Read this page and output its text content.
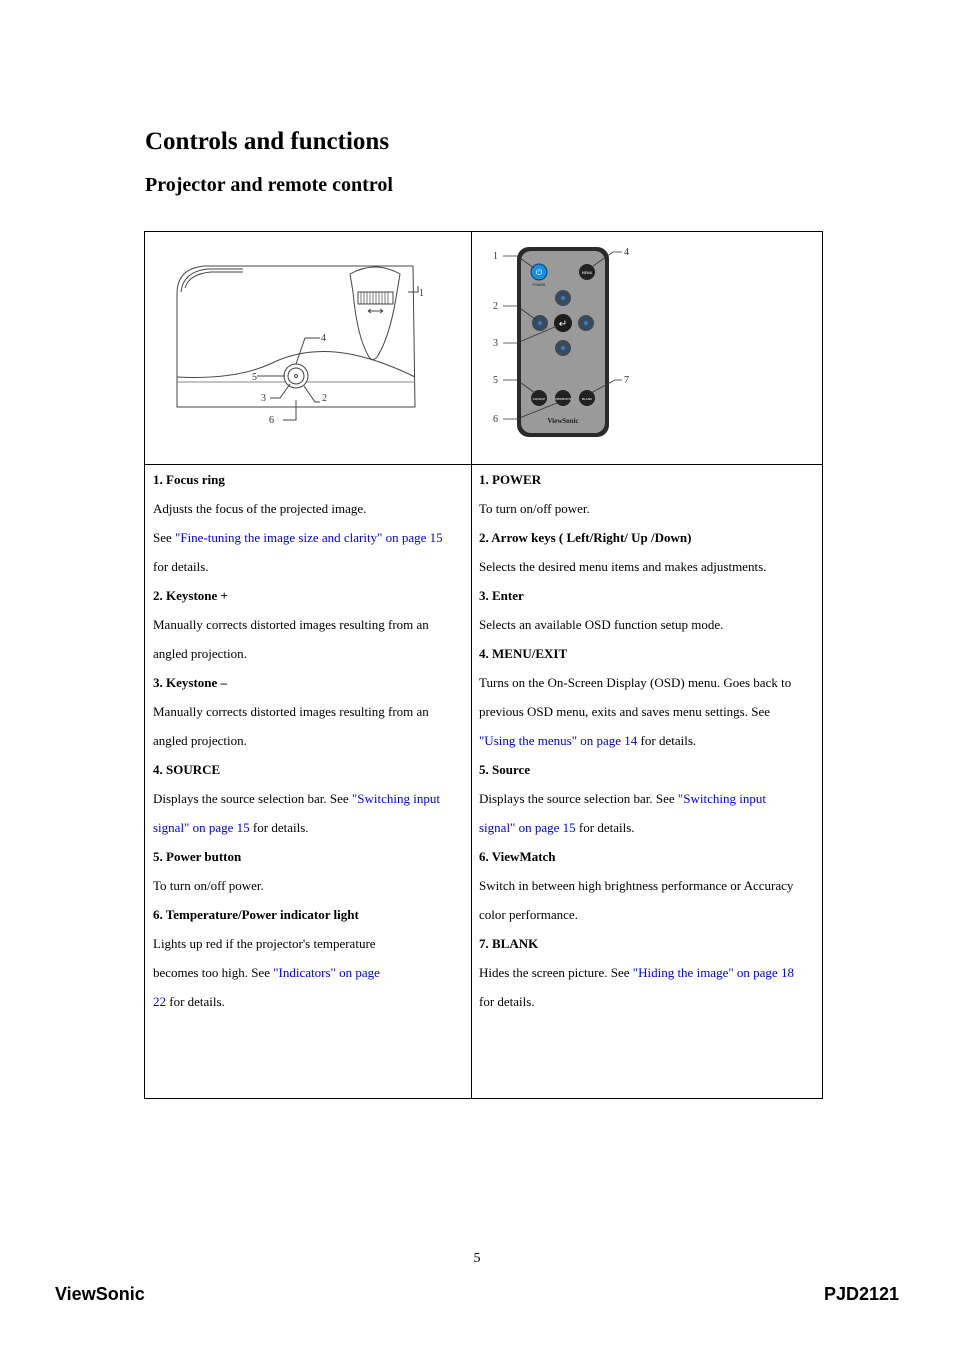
Controls and functions
Projector and remote control
1
2
3
4
5
6
⏻
POWER
MENU
↵
SOURCE	VIEWMATCH	BLANK
ViewSonic
1
2
3
4
5
6
7

1. Focus ring

Adjusts the focus of the projected image.

See "Fine-tuning the image size and clarity" on page 15

for details.

2. Keystone +

Manually corrects distorted images resulting from an

angled projection.

3. Keystone –

Manually corrects distorted images resulting from an

angled projection.

4. SOURCE

Displays the source selection bar. See "Switching input

signal" on page 15 for details.

5. Power button

To turn on/off power.

6. Temperature/Power indicator light

Lights up red if the projector's temperature

becomes too high. See "Indicators" on page

22 for details.

1. POWER

To turn on/off power.

2. Arrow keys ( Left/Right/ Up /Down)

Selects the desired menu items and makes adjustments.

3. Enter

Selects an available OSD function setup mode.

4. MENU/EXIT

Turns on the On-Screen Display (OSD) menu. Goes back to

previous OSD menu, exits and saves menu settings. See

"Using the menus" on page 14 for details.

5. Source

Displays the source selection bar. See "Switching input

signal" on page 15 for details.

6. ViewMatch

Switch in between high brightness performance or Accuracy

color performance.

7. BLANK

Hides the screen picture. See "Hiding the image" on page 18

for details.

5
ViewSonic	PJD2121
